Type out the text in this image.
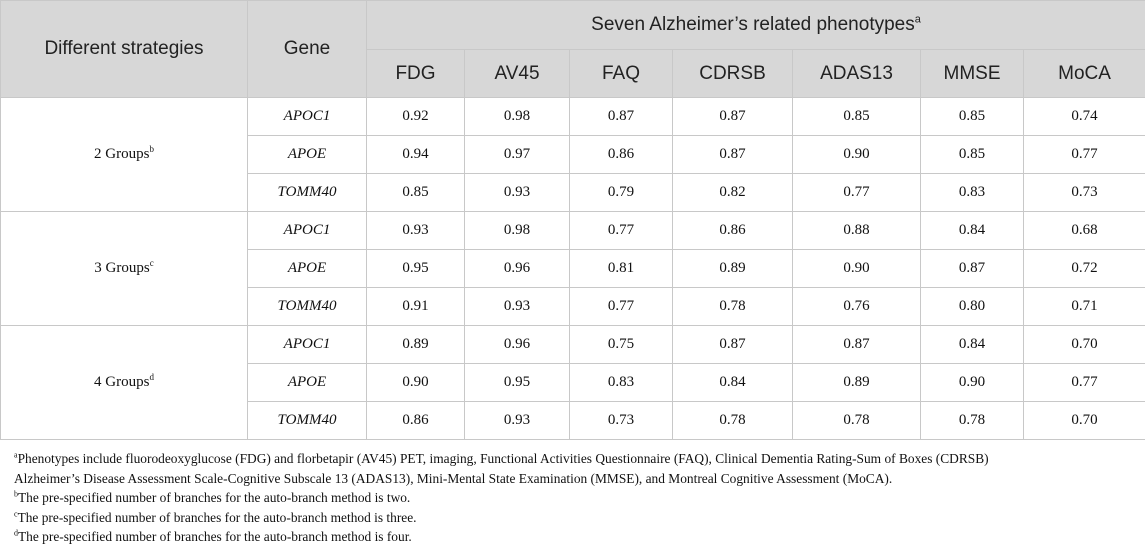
Different strategies	Gene	Seven Alzheimer’s related phenotypes$^a$
		FDG	AV45	FAQ	CDRSB	ADAS13	MMSE	MoCA
2 Groups$^b$	APOC1	0.92	0.98	0.87	0.87	0.85	0.85	0.74
	APOE	0.94	0.97	0.86	0.87	0.90	0.85	0.77
	TOMM40	0.85	0.93	0.79	0.82	0.77	0.83	0.73
3 Groups$^c$	APOC1	0.93	0.98	0.77	0.86	0.88	0.84	0.68
	APOE	0.95	0.96	0.81	0.89	0.90	0.87	0.72
	TOMM40	0.91	0.93	0.77	0.78	0.76	0.80	0.71
4 Groups$^d$	APOC1	0.89	0.96	0.75	0.87	0.87	0.84	0.70
	APOE	0.90	0.95	0.83	0.84	0.89	0.90	0.77
	TOMM40	0.86	0.93	0.73	0.78	0.78	0.78	0.70
$^a$Phenotypes include fluorodeoxyglucose (FDG) and florbetapir (AV45) PET, imaging, Functional Activities Questionnaire (FAQ), Clinical Dementia Rating-Sum of Boxes (CDRSB)
Alzheimer’s Disease Assessment Scale-Cognitive Subscale 13 (ADAS13), Mini-Mental State Examination (MMSE), and Montreal Cognitive Assessment (MoCA).
$^b$The pre-specified number of branches for the auto-branch method is two.
$^c$The pre-specified number of branches for the auto-branch method is three.
$^d$The pre-specified number of branches for the auto-branch method is four.
